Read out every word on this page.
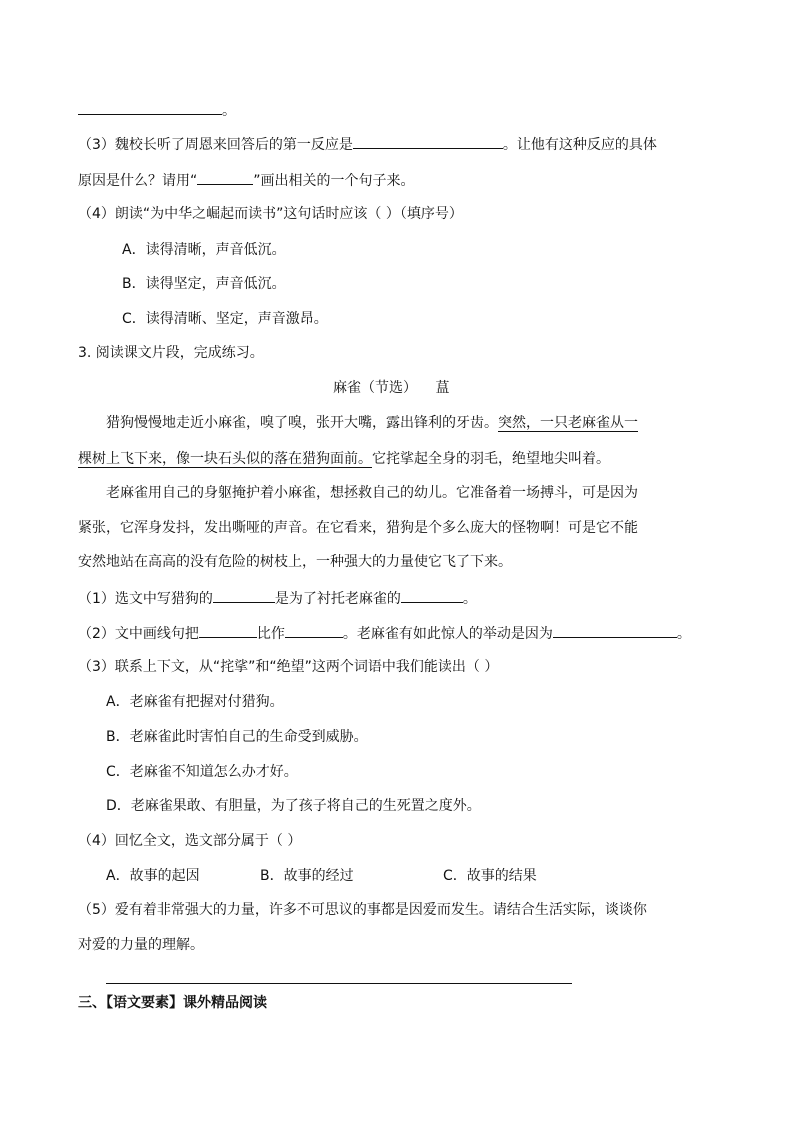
。
（3）魏校长听了周恩来回答后的第一反应是	。让他有这种反应的具体
原因是什么？请用“	”画出相关的一个句子来。
（4）朗读“为中华之崛起而读书”这句话时应该（ ）（填序号）
A．读得清晰，声音低沉。
B．读得坚定，声音低沉。
C．读得清晰、坚定，声音激昂。
3. 阅读课文片段，完成练习。
麻雀（节选） 蒀
猎狗慢慢地走近小麻雀，嗅了嗅，张开大嘴，露出锋利的牙齿。突然，一只老麻雀从一
棵树上飞下来，像一块石头似的落在猎狗面前。它挓挲起全身的羽毛，绝望地尖叫着。
老麻雀用自己的身躯掩护着小麻雀，想拯救自己的幼儿。它准备着一场搏斗，可是因为
紧张，它浑身发抖，发出嘶哑的声音。在它看来，猎狗是个多么庞大的怪物啊！可是它不能
安然地站在高高的没有危险的树枝上，一种强大的力量使它飞了下来。
（1）选文中写猎狗的	是为了衬托老麻雀的	。
（2）文中画线句把	比作	。老麻雀有如此惊人的举动是因为	。
（3）联系上下文，从“挓挲”和“绝望”这两个词语中我们能读出（ ）
A．老麻雀有把握对付猎狗。
B．老麻雀此时害怕自己的生命受到威胁。
C．老麻雀不知道怎么办才好。
D．老麻雀果敢、有胆量，为了孩子将自己的生死置之度外。
（4）回忆全文，选文部分属于（ ）
A．故事的起因	B．故事的经过	C．故事的结果
（5）爱有着非常强大的力量，许多不可思议的事都是因爱而发生。请结合生活实际，谈谈你
对爱的力量的理解。
三、【语文要素】课外精品阅读
